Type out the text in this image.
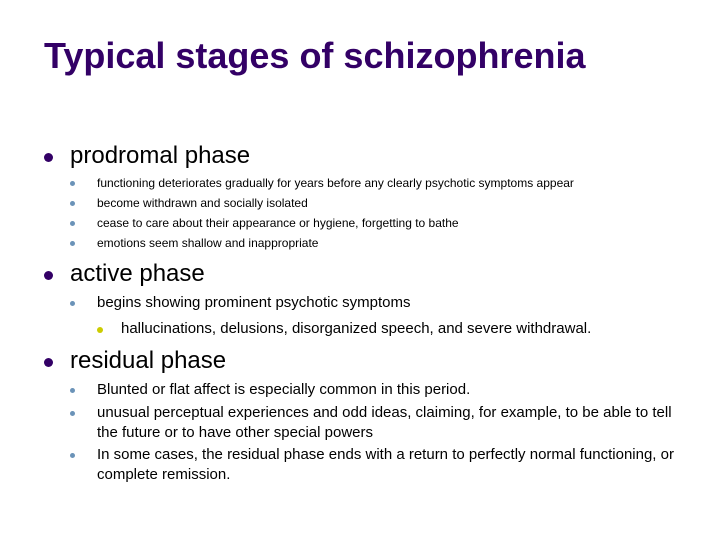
Typical stages of schizophrenia
prodromal phase
functioning deteriorates gradually for years before any clearly psychotic symptoms appear
become withdrawn and socially isolated
cease to care about their appearance or hygiene, forgetting to bathe
emotions seem shallow and inappropriate
active phase
begins showing prominent psychotic symptoms
hallucinations, delusions, disorganized speech, and severe withdrawal.
residual phase
Blunted or flat affect is especially common in this period.
unusual perceptual experiences and odd ideas, claiming, for example, to be able to tell the future or to have other special powers
In some cases, the residual phase ends with a return to perfectly normal functioning, or complete remission.
